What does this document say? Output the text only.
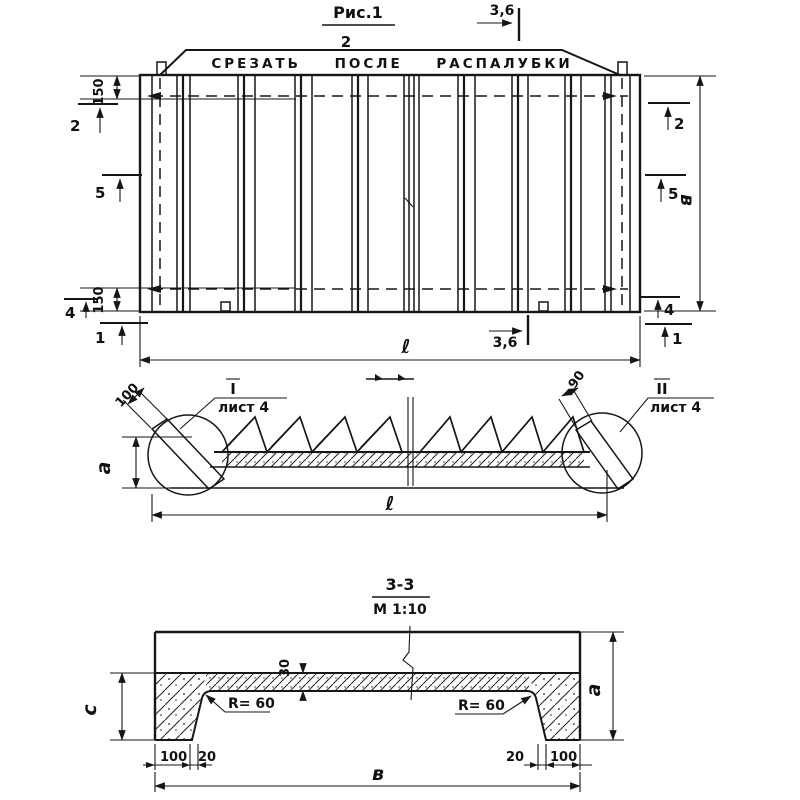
Рис.1
2
3,6
СРЕЗАТЬ ПОСЛЕ РАСПАЛУБКИ
150
150
2
5
4
1
2
5
в
4
1
3,6
ℓ
I
лист 4
II
лист 4
100
90
a
ℓ
3-3
М 1:10
30
R= 60	R= 60
c
a
100 20	20 100
в
